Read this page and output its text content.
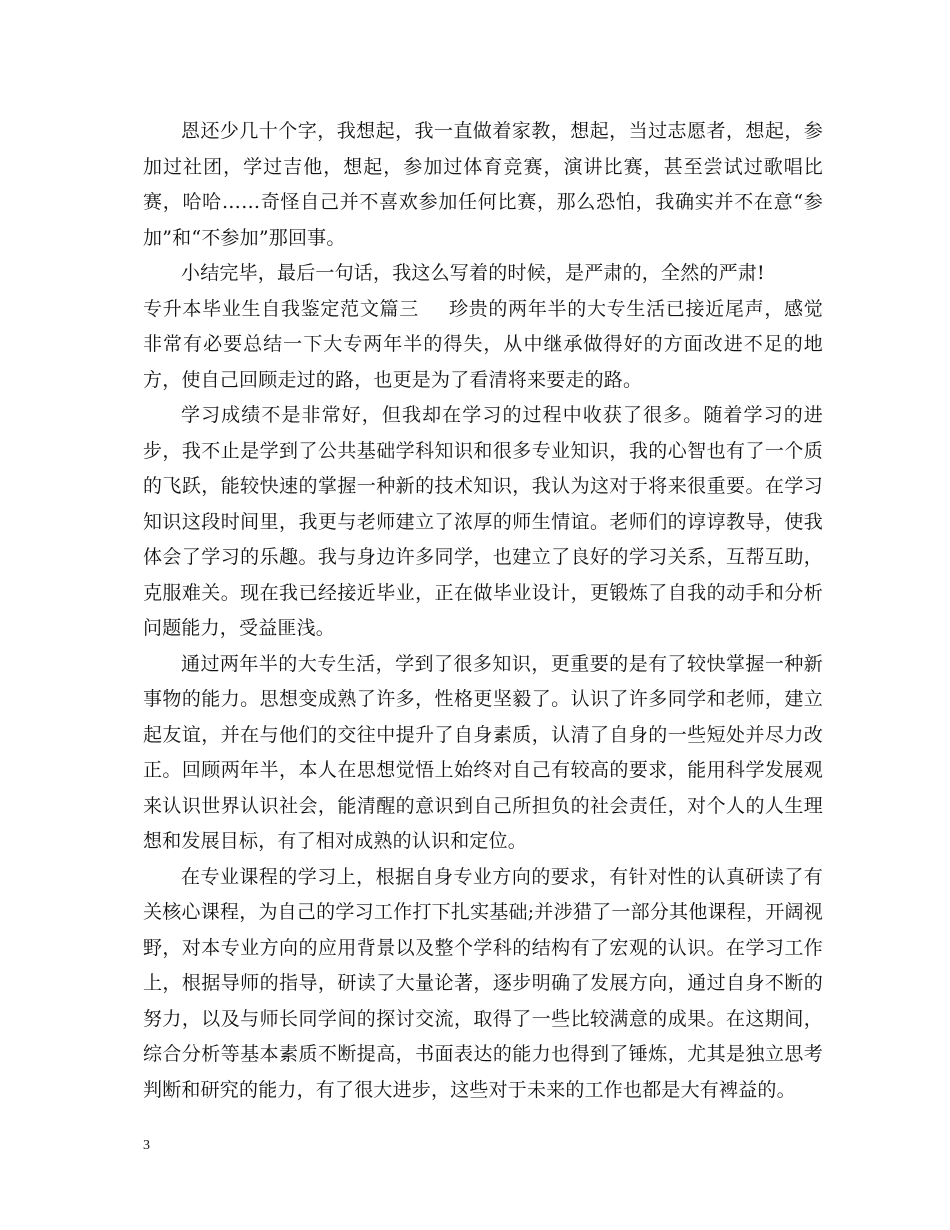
恩还少几十个字，我想起，我一直做着家教，想起，当过志愿者，想起，参加过社团，学过吉他，想起，参加过体育竞赛，演讲比赛，甚至尝试过歌唱比赛，哈哈……奇怪自己并不喜欢参加任何比赛，那么恐怕，我确实并不在意“参加”和“不参加”那回事。

小结完毕，最后一句话，我这么写着的时候，是严肃的，全然的严肃!

专升本毕业生自我鉴定范文篇三 珍贵的两年半的大专生活已接近尾声，感觉非常有必要总结一下大专两年半的得失，从中继承做得好的方面改进不足的地方，使自己回顾走过的路，也更是为了看清将来要走的路。

学习成绩不是非常好，但我却在学习的过程中收获了很多。随着学习的进步，我不止是学到了公共基础学科知识和很多专业知识，我的心智也有了一个质的飞跃，能较快速的掌握一种新的技术知识，我认为这对于将来很重要。在学习知识这段时间里，我更与老师建立了浓厚的师生情谊。老师们的谆谆教导，使我体会了学习的乐趣。我与身边许多同学，也建立了良好的学习关系，互帮互助，克服难关。现在我已经接近毕业，正在做毕业设计，更锻炼了自我的动手和分析问题能力，受益匪浅。

通过两年半的大专生活，学到了很多知识，更重要的是有了较快掌握一种新事物的能力。思想变成熟了许多，性格更坚毅了。认识了许多同学和老师，建立起友谊，并在与他们的交往中提升了自身素质，认清了自身的一些短处并尽力改正。回顾两年半，本人在思想觉悟上始终对自己有较高的要求，能用科学发展观来认识世界认识社会，能清醒的意识到自己所担负的社会责任，对个人的人生理想和发展目标，有了相对成熟的认识和定位。

在专业课程的学习上，根据自身专业方向的要求，有针对性的认真研读了有关核心课程，为自己的学习工作打下扎实基础;并涉猎了一部分其他课程，开阔视野，对本专业方向的应用背景以及整个学科的结构有了宏观的认识。在学习工作上，根据导师的指导，研读了大量论著，逐步明确了发展方向，通过自身不断的努力，以及与师长同学间的探讨交流，取得了一些比较满意的成果。在这期间，综合分析等基本素质不断提高，书面表达的能力也得到了锤炼，尤其是独立思考判断和研究的能力，有了很大进步，这些对于未来的工作也都是大有裨益的。

3
